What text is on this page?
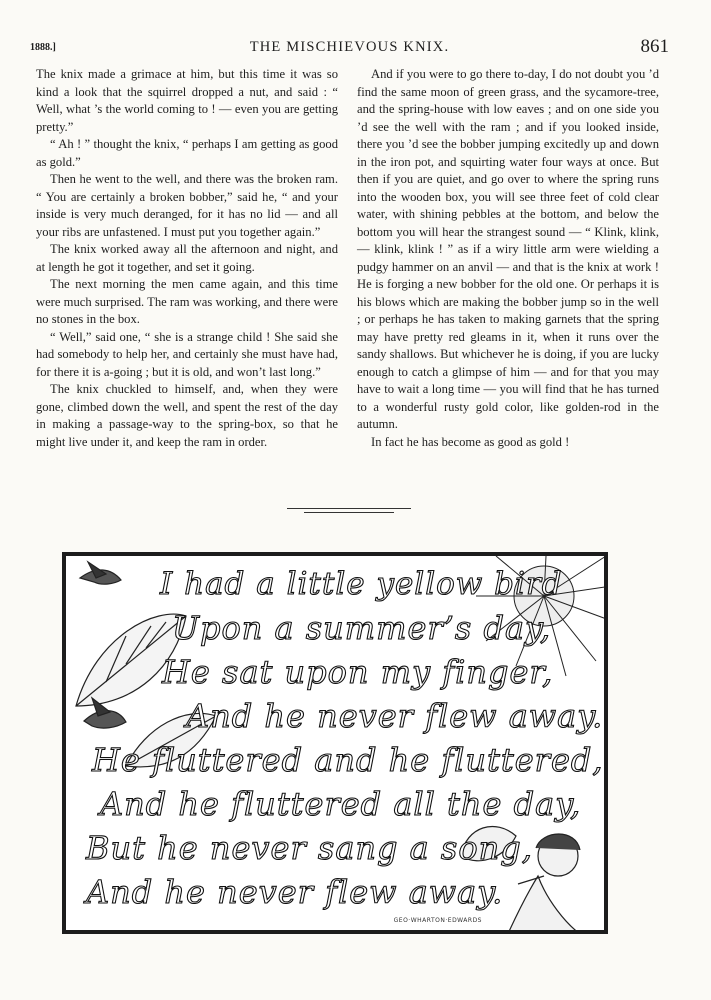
1888.]	THE MISCHIEVOUS KNIX.	861

The knix made a grimace at him, but this time it was so kind a look that the squirrel dropped a nut, and said : “ Well, what ’s the world coming to ! — even you are getting pretty.”

“ Ah ! ” thought the knix, “ perhaps I am getting as good as gold.”

Then he went to the well, and there was the broken ram. “ You are certainly a broken bobber,” said he, “ and your inside is very much deranged, for it has no lid — and all your ribs are unfastened. I must put you together again.”

The knix worked away all the afternoon and night, and at length he got it together, and set it going.

The next morning the men came again, and this time were much surprised. The ram was working, and there were no stones in the box.

“ Well,” said one, “ she is a strange child ! She said she had somebody to help her, and certainly she must have had, for there it is a-going ; but it is old, and won’t last long.”

The knix chuckled to himself, and, when they were gone, climbed down the well, and spent the rest of the day in making a passage-way to the spring-box, so that he might live under it, and keep the ram in order.

And if you were to go there to-day, I do not doubt you ’d find the same moon of green grass, and the sycamore-tree, and the spring-house with low eaves ; and on one side you ’d see the well with the ram ; and if you looked inside, there you ’d see the bobber jumping excitedly up and down in the iron pot, and squirting water four ways at once. But then if you are quiet, and go over to where the spring runs into the wooden box, you will see three feet of cold clear water, with shining pebbles at the bottom, and below the bottom you will hear the strangest sound — “ Klink, klink, — klink, klink ! ” as if a wiry little arm were wielding a pudgy hammer on an anvil — and that is the knix at work ! He is forging a new bobber for the old one. Or perhaps it is his blows which are making the bobber jump so in the well ; or perhaps he has taken to making garnets that the spring may have pretty red gleams in it, when it runs over the sandy shallows. But whichever he is doing, if you are lucky enough to catch a glimpse of him — and for that you may have to wait a long time — you will find that he has turned to a wonderful rusty gold color, like golden-rod in the autumn.

In fact he has become as good as gold !

I had a little yellow bird
Upon a summer’s day,
He sat upon my finger,
And he never flew away.
He fluttered and he fluttered,
And he fluttered all the day,
But he never sang a song,
And he never flew away.
GEO·WHARTON·EDWARDS
